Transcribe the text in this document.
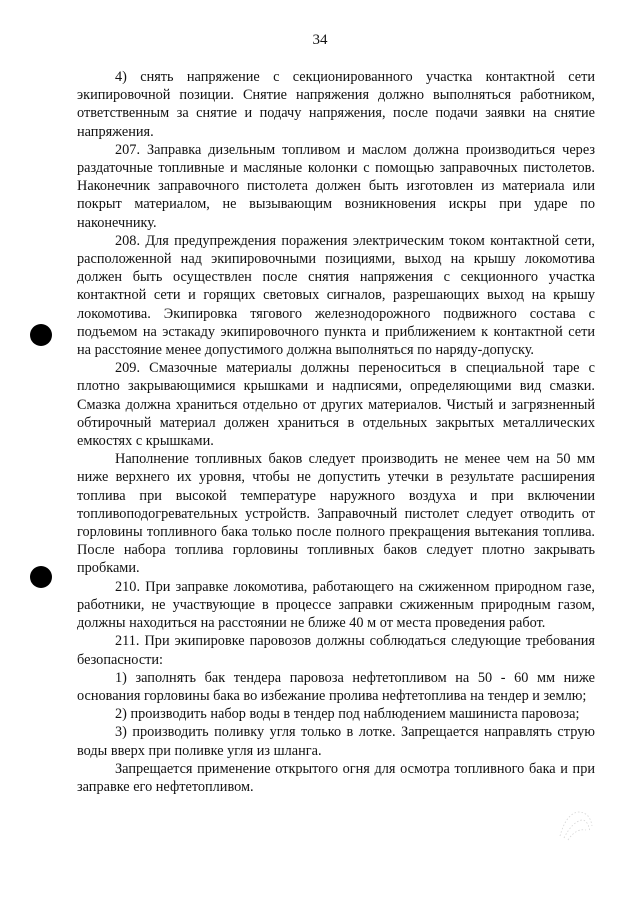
34

4) снять напряжение с секционированного участка контактной сети экипировочной позиции. Снятие напряжения должно выполняться работником, ответственным за снятие и подачу напряжения, после подачи заявки на снятие напряжения.

207. Заправка дизельным топливом и маслом должна производиться через раздаточные топливные и масляные колонки с помощью заправочных пистолетов. Наконечник заправочного пистолета должен быть изготовлен из материала или покрыт материалом, не вызывающим возникновения искры при ударе по наконечнику.

208. Для предупреждения поражения электрическим током контактной сети, расположенной над экипировочными позициями, выход на крышу локомотива должен быть осуществлен после снятия напряжения с секционного участка контактной сети и горящих световых сигналов, разрешающих выход на крышу локомотива. Экипировка тягового железнодорожного подвижного состава с подъемом на эстакаду экипировочного пункта и приближением к контактной сети на расстояние менее допустимого должна выполняться по наряду-допуску.

209. Смазочные материалы должны переноситься в специальной таре с плотно закрывающимися крышками и надписями, определяющими вид смазки. Смазка должна храниться отдельно от других материалов. Чистый и загрязненный обтирочный материал должен храниться в отдельных закрытых металлических емкостях с крышками.

Наполнение топливных баков следует производить не менее чем на 50 мм ниже верхнего их уровня, чтобы не допустить утечки в результате расширения топлива при высокой температуре наружного воздуха и при включении топливоподогревательных устройств. Заправочный пистолет следует отводить от горловины топливного бака только после полного прекращения вытекания топлива. После набора топлива горловины топливных баков следует плотно закрывать пробками.

210. При заправке локомотива, работающего на сжиженном природном газе, работники, не участвующие в процессе заправки сжиженным природным газом, должны находиться на расстоянии не ближе 40 м от места проведения работ.

211. При экипировке паровозов должны соблюдаться следующие требования безопасности:

1) заполнять бак тендера паровоза нефтетопливом на 50 - 60 мм ниже основания горловины бака во избежание пролива нефтетоплива на тендер и землю;

2) производить набор воды в тендер под наблюдением машиниста паровоза;

3) производить поливку угля только в лотке. Запрещается направлять струю воды вверх при поливке угля из шланга.

Запрещается применение открытого огня для осмотра топливного бака и при заправке его нефтетопливом.
